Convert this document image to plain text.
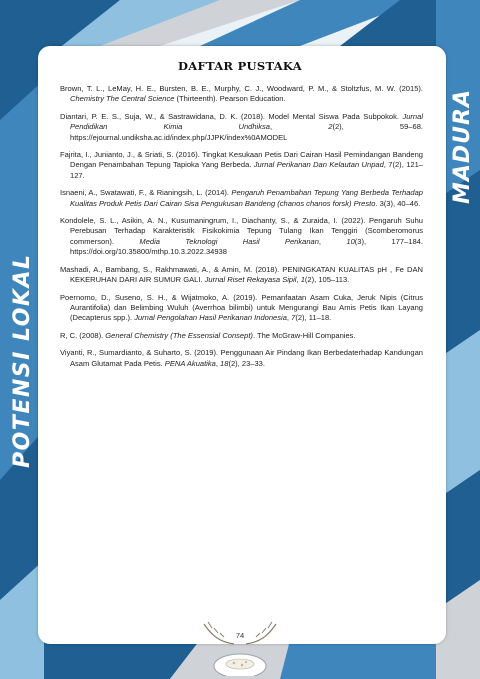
POTENSI LOKAL
MADURA
DAFTAR PUSTAKA
Brown, T. L., LeMay, H. E., Bursten, B. E., Murphy, C. J., Woodward, P. M., & Stoltzfus, M. W. (2015). Chemistry The Central Science (Thirteenth). Pearson Education.
Diantari, P. E. S., Suja, W., & Sastrawidana, D. K. (2018). Model Mental Siswa Pada Subpokok. Jurnal Pendidikan Kimia Undhiksa, 2(2), 59–68. https://ejournal.undiksha.ac.id/index.php/JJPK/index%0AMODEL
Fajrita, I., Junianto, J., & Sriati, S. (2016). Tingkat Kesukaan Petis Dari Cairan Hasil Pemindangan Bandeng Dengan Penambahan Tepung Tapioka Yang Berbeda. Jurnal Perikanan Dan Kelautan Unpad, 7(2), 121–127.
Isnaeni, A., Swatawati, F., & Rianingsih, L. (2014). Pengaruh Penambahan Tepung Yang Berbeda Terhadap Kualitas Produk Petis Dari Cairan Sisa Pengukusan Bandeng (chanos chanos forsk) Presto. 3(3), 40–46.
Kondolele, S. L., Asikin, A. N., Kusumaningrum, I., Diachanty, S., & Zuraida, I. (2022). Pengaruh Suhu Perebusan Terhadap Karakteristik Fisikokimia Tepung Tulang Ikan Tenggiri (Scomberomorus commerson). Media Teknologi Hasil Perikanan, 10(3), 177–184. https://doi.org/10.35800/mthp.10.3.2022.34938
Mashadi, A., Bambang, S., Rakhmawati, A., & Amin, M. (2018). PENINGKATAN KUALITAS pH , Fe DAN KEKERUHAN DARI AIR SUMUR GALI. Jurnal Riset Rekayasa Sipil, 1(2), 105–113.
Poernomo, D., Suseno, S. H., & Wijatmoko, A. (2019). Pemanfaatan Asam Cuka, Jeruk Nipis (Citrus Aurantifolia) dan Belimbing Wuluh (Averrhoa bilimbi) untuk Mengurangi Bau Amis Petis Ikan Layang (Decapterus spp.). Jurnal Pengolahan Hasil Perikanan Indonesia, 7(2), 11–18.
R, C. (2008). General Chemistry (The Essensial Consept). The McGraw-Hill Companies.
Viyanti, R., Sumardianto, & Suharto, S. (2019). Penggunaan Air Pindang Ikan Berbedaterhadap Kandungan Asam Glutamat Pada Petis. PENA Akuatika, 18(2), 23–33.
74
